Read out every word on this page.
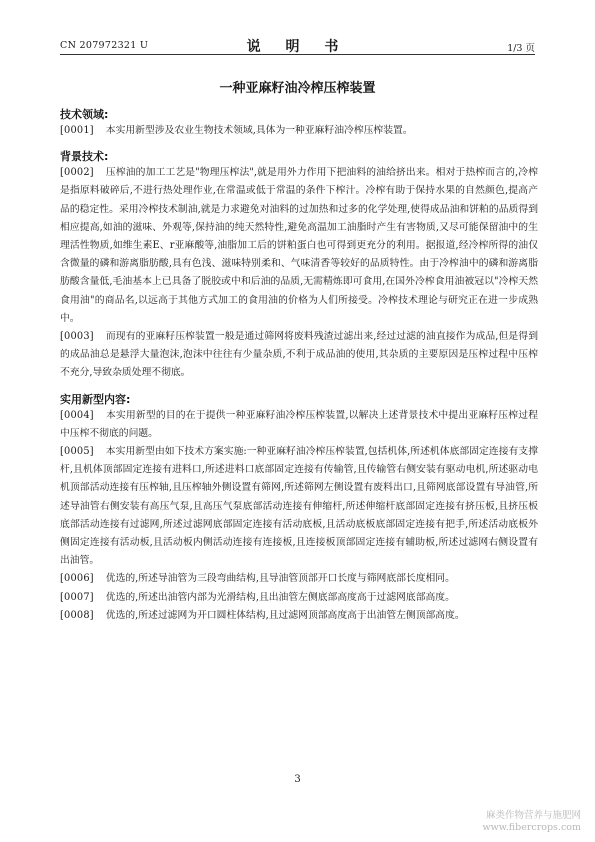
CN 207972321 U	说 明 书	1/3 页
一种亚麻籽油冷榨压榨装置
技术领域:
[0001] 本实用新型涉及农业生物技术领域,具体为一种亚麻籽油冷榨压榨装置。
背景技术:
[0002] 压榨油的加工工艺是"物理压榨法",就是用外力作用下把油料的油给挤出来。相对于热榨而言的,冷榨是指原料破碎后,不进行热处理作业,在常温或低于常温的条件下榨汁。冷榨有助于保持水果的自然颜色,提高产品的稳定性。采用冷榨技术制油,就是力求避免对油料的过加热和过多的化学处理,使得成品油和饼粕的品质得到相应提高,如油的滋味、外观等,保持油的纯天然特性,避免高温加工油脂时产生有害物质,又尽可能保留油中的生理活性物质,如维生素E、r亚麻酸等,油脂加工后的饼粕蛋白也可得到更充分的利用。据报道,经冷榨所得的油仅含微量的磷和游离脂肪酸,具有色浅、滋味特别柔和、气味清香等较好的品质特性。由于冷榨油中的磷和游离脂肪酸含量低,毛油基本上已具备了脱胶或中和后油的品质,无需精炼即可食用,在国外冷榨食用油被冠以"冷榨天然食用油"的商品名,以远高于其他方式加工的食用油的价格为人们所接受。冷榨技术理论与研究正在进一步成熟中。
[0003] 而现有的亚麻籽压榨装置一般是通过筛网将废料残渣过滤出来,经过过滤的油直接作为成品,但是得到的成品油总是悬浮大量泡沫,泡沫中往往有少量杂质,不利于成品油的使用,其杂质的主要原因是压榨过程中压榨不充分,导致杂质处理不彻底。
实用新型内容:
[0004] 本实用新型的目的在于提供一种亚麻籽油冷榨压榨装置,以解决上述背景技术中提出亚麻籽压榨过程中压榨不彻底的问题。
[0005] 本实用新型由如下技术方案实施:一种亚麻籽油冷榨压榨装置,包括机体,所述机体底部固定连接有支撑杆,且机体顶部固定连接有进料口,所述进料口底部固定连接有传输管,且传输管右侧安装有驱动电机,所述驱动电机顶部活动连接有压榨轴,且压榨轴外侧设置有筛网,所述筛网左侧设置有废料出口,且筛网底部设置有导油管,所述导油管右侧安装有高压气泵,且高压气泵底部活动连接有伸缩杆,所述伸缩杆底部固定连接有挤压板,且挤压板底部活动连接有过滤网,所述过滤网底部固定连接有活动底板,且活动底板底部固定连接有把手,所述活动底板外侧固定连接有活动板,且活动板内侧活动连接有连接板,且连接板顶部固定连接有辅助板,所述过滤网右侧设置有出油管。
[0006] 优选的,所述导油管为三段弯曲结构,且导油管顶部开口长度与筛网底部长度相同。
[0007] 优选的,所述出油管内部为光滑结构,且出油管左侧底部高度高于过滤网底部高度。
[0008] 优选的,所述过滤网为开口圆柱体结构,且过滤网顶部高度高于出油管左侧顶部高度。
3
麻类作物营养与施肥网
www.fibercrops.com
